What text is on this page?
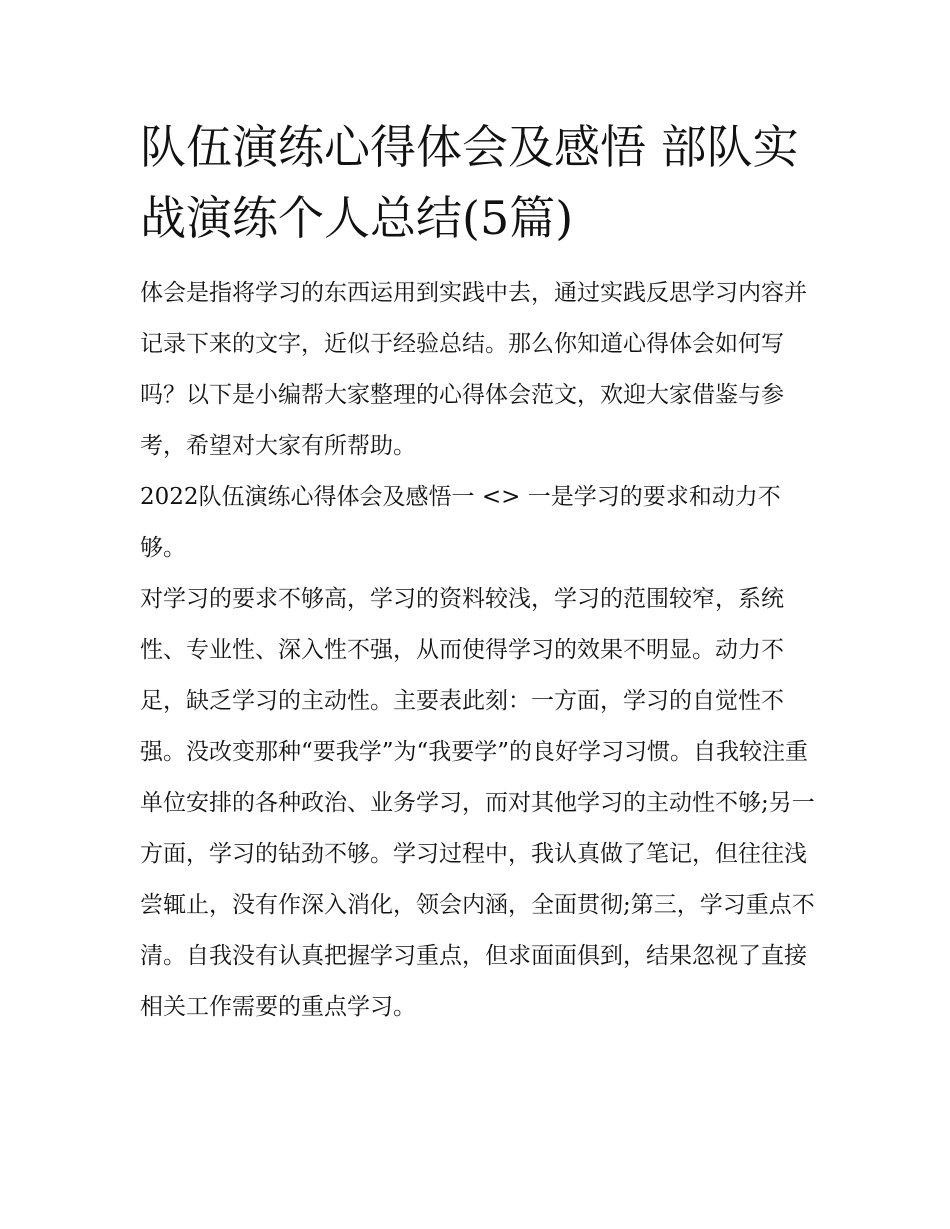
队伍演练心得体会及感悟 部队实战演练个人总结(5篇)

体会是指将学习的东西运用到实践中去，通过实践反思学习内容并记录下来的文字，近似于经验总结。那么你知道心得体会如何写吗？以下是小编帮大家整理的心得体会范文，欢迎大家借鉴与参考，希望对大家有所帮助。

2022队伍演练心得体会及感悟一 <> 一是学习的要求和动力不够。

对学习的要求不够高，学习的资料较浅，学习的范围较窄，系统性、专业性、深入性不强，从而使得学习的效果不明显。动力不足，缺乏学习的主动性。主要表此刻：一方面，学习的自觉性不强。没改变那种“要我学”为“我要学”的良好学习习惯。自我较注重单位安排的各种政治、业务学习，而对其他学习的主动性不够;另一方面，学习的钻劲不够。学习过程中，我认真做了笔记，但往往浅尝辄止，没有作深入消化，领会内涵，全面贯彻;第三，学习重点不清。自我没有认真把握学习重点，但求面面俱到，结果忽视了直接相关工作需要的重点学习。
